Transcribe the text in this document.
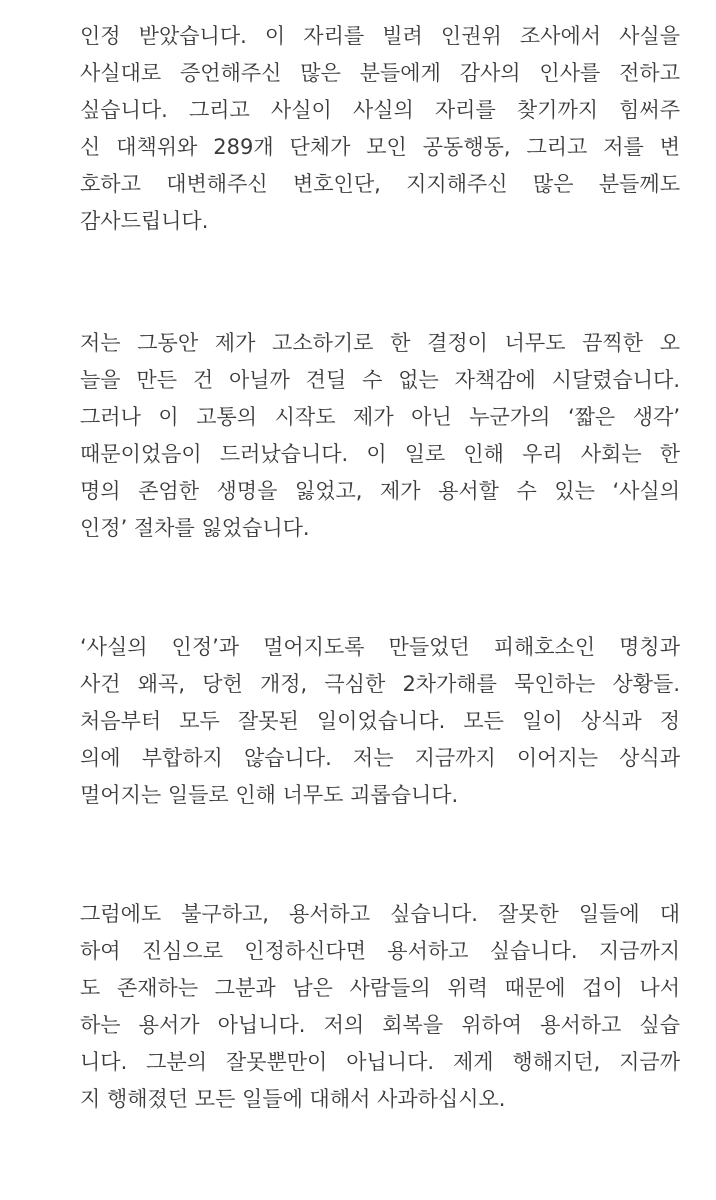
인정 받았습니다. 이 자리를 빌려 인권위 조사에서 사실을
사실대로 증언해주신 많은 분들에게 감사의 인사를 전하고
싶습니다. 그리고 사실이 사실의 자리를 찾기까지 힘써주
신 대책위와 289개 단체가 모인 공동행동, 그리고 저를 변
호하고 대변해주신 변호인단, 지지해주신 많은 분들께도
감사드립니다.
저는 그동안 제가 고소하기로 한 결정이 너무도 끔찍한 오
늘을 만든 건 아닐까 견딜 수 없는 자책감에 시달렸습니다.
그러나 이 고통의 시작도 제가 아닌 누군가의 ‘짧은 생각’
때문이었음이 드러났습니다. 이 일로 인해 우리 사회는 한
명의 존엄한 생명을 잃었고, 제가 용서할 수 있는 ‘사실의
인정’ 절차를 잃었습니다.
‘사실의 인정’과 멀어지도록 만들었던 피해호소인 명칭과
사건 왜곡, 당헌 개정, 극심한 2차가해를 묵인하는 상황들.
처음부터 모두 잘못된 일이었습니다. 모든 일이 상식과 정
의에 부합하지 않습니다. 저는 지금까지 이어지는 상식과
멀어지는 일들로 인해 너무도 괴롭습니다.
그럼에도 불구하고, 용서하고 싶습니다. 잘못한 일들에 대
하여 진심으로 인정하신다면 용서하고 싶습니다. 지금까지
도 존재하는 그분과 남은 사람들의 위력 때문에 겁이 나서
하는 용서가 아닙니다. 저의 회복을 위하여 용서하고 싶습
니다. 그분의 잘못뿐만이 아닙니다. 제게 행해지던, 지금까
지 행해졌던 모든 일들에 대해서 사과하십시오.
